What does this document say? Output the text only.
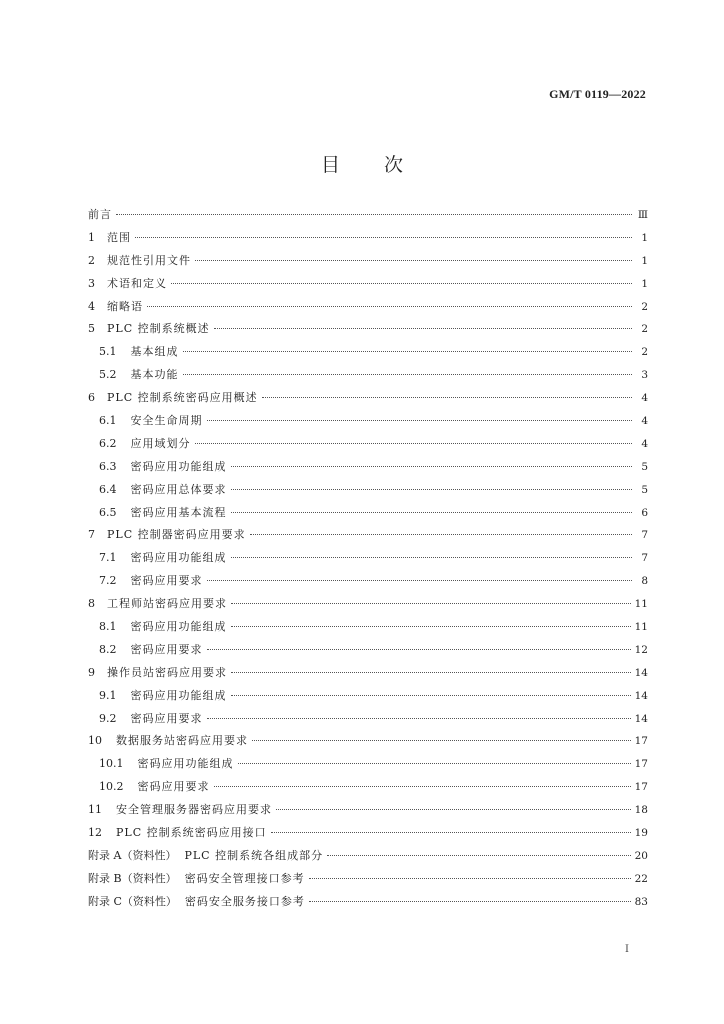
GM/T 0119—2022
目 次
前言	Ⅲ
1 范围	1
2 规范性引用文件	1
3 术语和定义	1
4 缩略语	2
5 PLC 控制系统概述	2
5.1 基本组成	2
5.2 基本功能	3
6 PLC 控制系统密码应用概述	4
6.1 安全生命周期	4
6.2 应用域划分	4
6.3 密码应用功能组成	5
6.4 密码应用总体要求	5
6.5 密码应用基本流程	6
7 PLC 控制器密码应用要求	7
7.1 密码应用功能组成	7
7.2 密码应用要求	8
8 工程师站密码应用要求	11
8.1 密码应用功能组成	11
8.2 密码应用要求	12
9 操作员站密码应用要求	14
9.1 密码应用功能组成	14
9.2 密码应用要求	14
10 数据服务站密码应用要求	17
10.1 密码应用功能组成	17
10.2 密码应用要求	17
11 安全管理服务器密码应用要求	18
12 PLC 控制系统密码应用接口	19
附录 A（资料性） PLC 控制系统各组成部分	20
附录 B（资料性） 密码安全管理接口参考	22
附录 C（资料性） 密码安全服务接口参考	83
I
